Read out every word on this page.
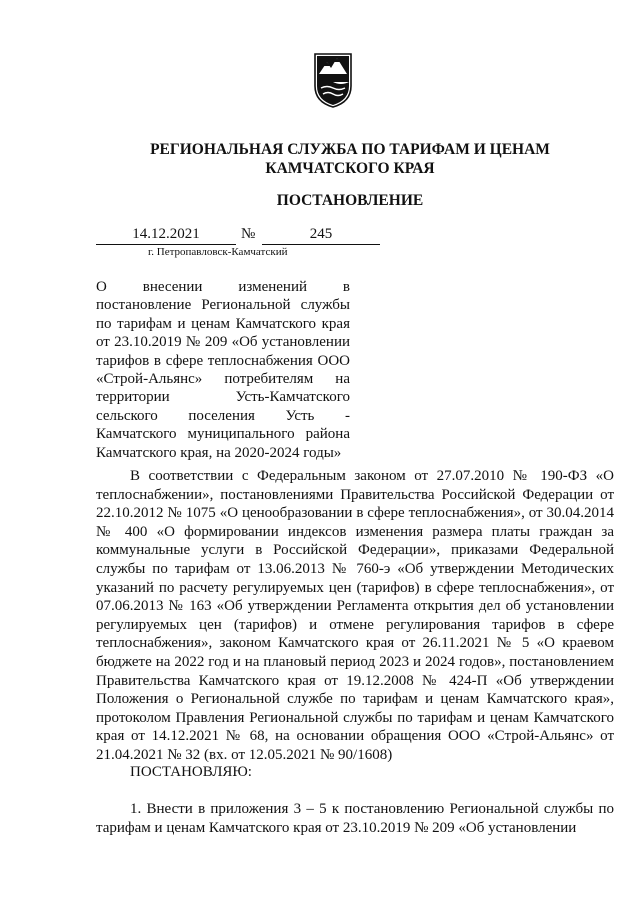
РЕГИОНАЛЬНАЯ СЛУЖБА ПО ТАРИФАМ И ЦЕНАМ
КАМЧАТСКОГО КРАЯ
ПОСТАНОВЛЕНИЕ
14.12.2021	№	245
г. Петропавловск-Камчатский
О внесении изменений в постановление Региональной службы по тарифам и ценам Камчатского края от 23.10.2019 № 209 «Об установлении тарифов в сфере теплоснабжения ООО «Строй-Альянс» потребителям на территории Усть-Камчатского сельского поселения Усть - Камчатского муниципального района Камчатского края, на 2020-2024 годы»
В соответствии с Федеральным законом от 27.07.2010 № 190-ФЗ «О теплоснабжении», постановлениями Правительства Российской Федерации от 22.10.2012 № 1075 «О ценообразовании в сфере теплоснабжения», от 30.04.2014 № 400 «О формировании индексов изменения размера платы граждан за коммунальные услуги в Российской Федерации», приказами Федеральной службы по тарифам от 13.06.2013 № 760-э «Об утверждении Методических указаний по расчету регулируемых цен (тарифов) в сфере теплоснабжения», от 07.06.2013 № 163 «Об утверждении Регламента открытия дел об установлении регулируемых цен (тарифов) и отмене регулирования тарифов в сфере теплоснабжения», законом Камчатского края от 26.11.2021 № 5 «О краевом бюджете на 2022 год и на плановый период 2023 и 2024 годов», постановлением Правительства Камчатского края от 19.12.2008 № 424-П «Об утверждении Положения о Региональной службе по тарифам и ценам Камчатского края», протоколом Правления Региональной службы по тарифам и ценам Камчатского края от 14.12.2021 № 68, на основании обращения ООО «Строй-Альянс» от 21.04.2021 № 32 (вх. от 12.05.2021 № 90/1608)
ПОСТАНОВЛЯЮ:
1. Внести в приложения 3 – 5 к постановлению Региональной службы по тарифам и ценам Камчатского края от 23.10.2019 № 209 «Об установлении
